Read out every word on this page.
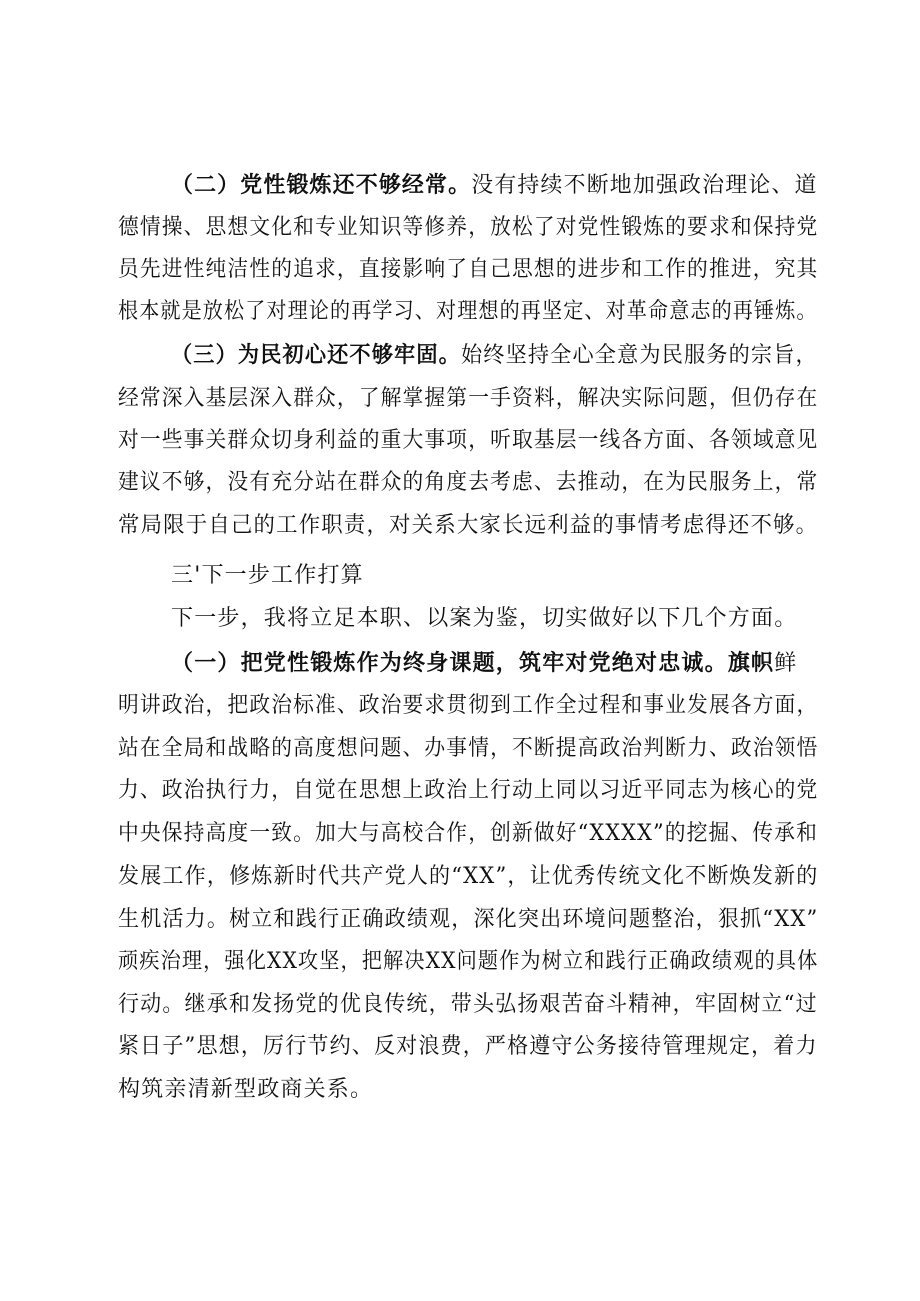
（二）党性锻炼还不够经常。没有持续不断地加强政治理论、道
德情操、思想文化和专业知识等修养，放松了对党性锻炼的要求和保持党
员先进性纯洁性的追求，直接影响了自己思想的进步和工作的推进，究其
根本就是放松了对理论的再学习、对理想的再坚定、对革命意志的再锤炼。
（三）为民初心还不够牢固。始终坚持全心全意为民服务的宗旨，
经常深入基层深入群众，了解掌握第一手资料，解决实际问题，但仍存在
对一些事关群众切身利益的重大事项，听取基层一线各方面、各领域意见
建议不够，没有充分站在群众的角度去考虑、去推动，在为民服务上，常
常局限于自己的工作职责，对关系大家长远利益的事情考虑得还不够。
三'下一步工作打算
下一步，我将立足本职、以案为鉴，切实做好以下几个方面。
（一）把党性锻炼作为终身课题，筑牢对党绝对忠诚。旗帜鲜
明讲政治，把政治标准、政治要求贯彻到工作全过程和事业发展各方面，
站在全局和战略的高度想问题、办事情，不断提高政治判断力、政治领悟
力、政治执行力，自觉在思想上政治上行动上同以习近平同志为核心的党
中央保持高度一致。加大与高校合作，创新做好“XXXX”的挖掘、传承和
发展工作，修炼新时代共产党人的“XX”，让优秀传统文化不断焕发新的
生机活力。树立和践行正确政绩观，深化突出环境问题整治，狠抓“XX”
顽疾治理，强化XX攻坚，把解决XX问题作为树立和践行正确政绩观的具体
行动。继承和发扬党的优良传统，带头弘扬艰苦奋斗精神，牢固树立“过
紧日子”思想，厉行节约、反对浪费，严格遵守公务接待管理规定，着力
构筑亲清新型政商关系。
